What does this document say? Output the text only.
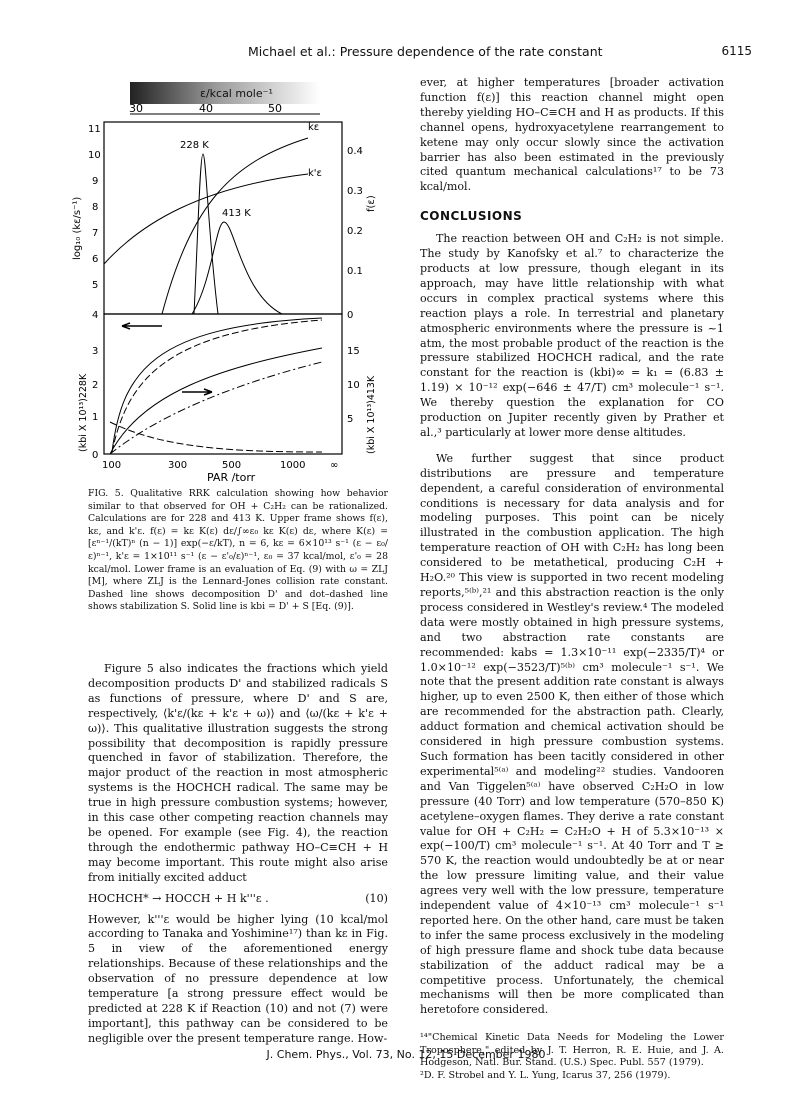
Michael et al.: Pressure dependence of the rate constant	6115
ε/kcal mole⁻¹
30	40	50
11
10
9
8
7
6
5
4
0.4
0.3
0.2
0.1
0
log₁₀ (kε/s⁻¹)	f(ε)
228 K
413 K
kε
k'ε
3
2
1
0
15
10
5
(kbi X 10¹³)228K	(kbi X 10¹³)413K
100	300	500	1000 ∞
PAR /torr

FIG. 5. Qualitative RRK calculation showing how behavior similar to that observed for OH + C₂H₂ can be rationalized. Calculations are for 228 and 413 K. Upper frame shows f(ε), kε, and k'ε. f(ε) = kε K(ε) dε/∫∞ε₀ kε K(ε) dε, where K(ε) = [εⁿ⁻¹/(kT)ⁿ (n − 1)] exp(−ε/kT), n = 6, kε = 6×10¹³ s⁻¹ (ε − ε₀/ε)ⁿ⁻¹, k'ε = 1×10¹¹ s⁻¹ (ε − ε'₀/ε)ⁿ⁻¹, ε₀ = 37 kcal/mol, ε'₀ = 28 kcal/mol. Lower frame is an evaluation of Eq. (9) with ω = ZLJ [M], where ZLJ is the Lennard-Jones collision rate constant. Dashed line shows decomposition D' and dot–dashed line shows stabilization S. Solid line is kbi = D' + S [Eq. (9)].

Figure 5 also indicates the fractions which yield decomposition products D' and stabilized radicals S as functions of pressure, where D' and S are, respectively, ⟨k'ε/(kε + k'ε + ω)⟩ and ⟨ω/(kε + k'ε + ω)⟩. This qualitative illustration suggests the strong possibility that decomposition is rapidly pressure quenched in favor of stabilization. Therefore, the major product of the reaction in most atmospheric systems is the HOCHCH radical. The same may be true in high pressure combustion systems; however, in this case other competing reaction channels may be opened. For example (see Fig. 4), the reaction through the endothermic pathway HO–C≡CH + H may become important. This route might also arise from initially excited adduct

HOCHCH* → HOCCH + H k'''ε .	(10)

However, k'''ε would be higher lying (10 kcal/mol according to Tanaka and Yoshimine¹⁷) than kε in Fig. 5 in view of the aforementioned energy relationships. Because of these relationships and the observation of no pressure dependence at low temperature [a strong pressure effect would be predicted at 228 K if Reaction (10) and not (7) were important], this pathway can be considered to be negligible over the present temperature range. How-

ever, at higher temperatures [broader activation function f(ε)] this reaction channel might open thereby yielding HO–C≡CH and H as products. If this channel opens, hydroxyacetylene rearrangement to ketene may only occur slowly since the activation barrier has also been estimated in the previously cited quantum mechanical calculations¹⁷ to be 73 kcal/mol.

CONCLUSIONS

The reaction between OH and C₂H₂ is not simple. The study by Kanofsky et al.⁷ to characterize the products at low pressure, though elegant in its approach, may have little relationship with what occurs in complex practical systems where this reaction plays a role. In terrestrial and planetary atmospheric environments where the pressure is ~1 atm, the most probable product of the reaction is the pressure stabilized HOCHCH radical, and the rate constant for the reaction is (kbi)∞ = k₁ = (6.83 ± 1.19) × 10⁻¹² exp(−646 ± 47/T) cm³ molecule⁻¹ s⁻¹. We thereby question the explanation for CO production on Jupiter recently given by Prather et al.,³ particularly at lower more dense altitudes.

We further suggest that since product distributions are pressure and temperature dependent, a careful consideration of environmental conditions is necessary for data analysis and for modeling purposes. This point can be nicely illustrated in the combustion application. The high temperature reaction of OH with C₂H₂ has long been considered to be metathetical, producing C₂H + H₂O.²⁰ This view is supported in two recent modeling reports,⁵⁽ᵇ⁾,²¹ and this abstraction reaction is the only process considered in Westley's review.⁴ The modeled data were mostly obtained in high pressure systems, and two abstraction rate constants are recommended: kabs = 1.3×10⁻¹¹ exp(−2335/T)⁴ or 1.0×10⁻¹² exp(−3523/T)⁵⁽ᵇ⁾ cm³ molecule⁻¹ s⁻¹. We note that the present addition rate constant is always higher, up to even 2500 K, then either of those which are recommended for the abstraction path. Clearly, adduct formation and chemical activation should be considered in high pressure combustion systems. Such formation has been tacitly considered in other experimental⁵⁽ᵃ⁾ and modeling²² studies. Vandooren and Van Tiggelen⁵⁽ᵃ⁾ have observed C₂H₂O in low pressure (40 Torr) and low temperature (570–850 K) acetylene–oxygen flames. They derive a rate constant value for OH + C₂H₂ = C₂H₂O + H of 5.3×10⁻¹³ × exp(−100/T) cm³ molecule⁻¹ s⁻¹. At 40 Torr and T ≥ 570 K, the reaction would undoubtedly be at or near the low pressure limiting value, and their value agrees very well with the low pressure, temperature independent value of 4×10⁻¹³ cm³ molecule⁻¹ s⁻¹ reported here. On the other hand, care must be taken to infer the same process exclusively in the modeling of high pressure flame and shock tube data because stabilization of the adduct radical may be a competitive process. Unfortunately, the chemical mechanisms will then be more complicated than heretofore considered.

¹⁴"Chemical Kinetic Data Needs for Modeling the Lower Troposphere," edited by J. T. Herron, R. E. Huie, and J. A. Hodgeson, Natl. Bur. Stand. (U.S.) Spec. Publ. 557 (1979).

²D. F. Strobel and Y. L. Yung, Icarus 37, 256 (1979).

J. Chem. Phys., Vol. 73, No. 12, 15 December 1980
